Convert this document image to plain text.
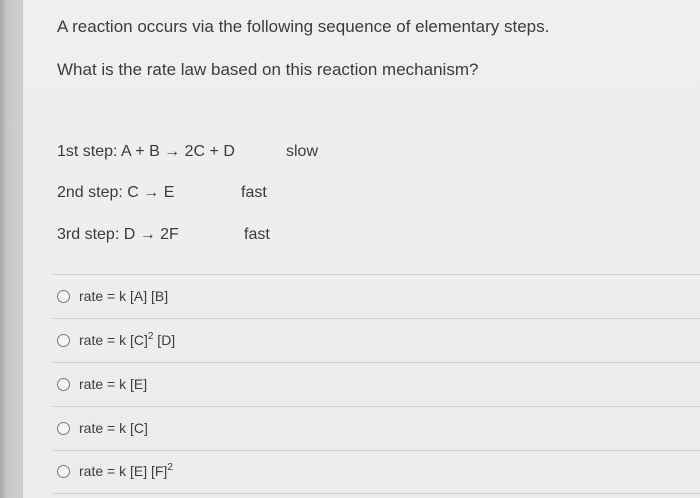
A reaction occurs via the following sequence of elementary steps.
What is the rate law based on this reaction mechanism?
1st step: A + B → 2C + D	slow
2nd step: C → E	fast
3rd step: D → 2F	fast
rate = k [A] [B]
rate = k $[C]^2$ [D]
rate = k [E]
rate = k [C]
rate = k [E] $[F]^2$
